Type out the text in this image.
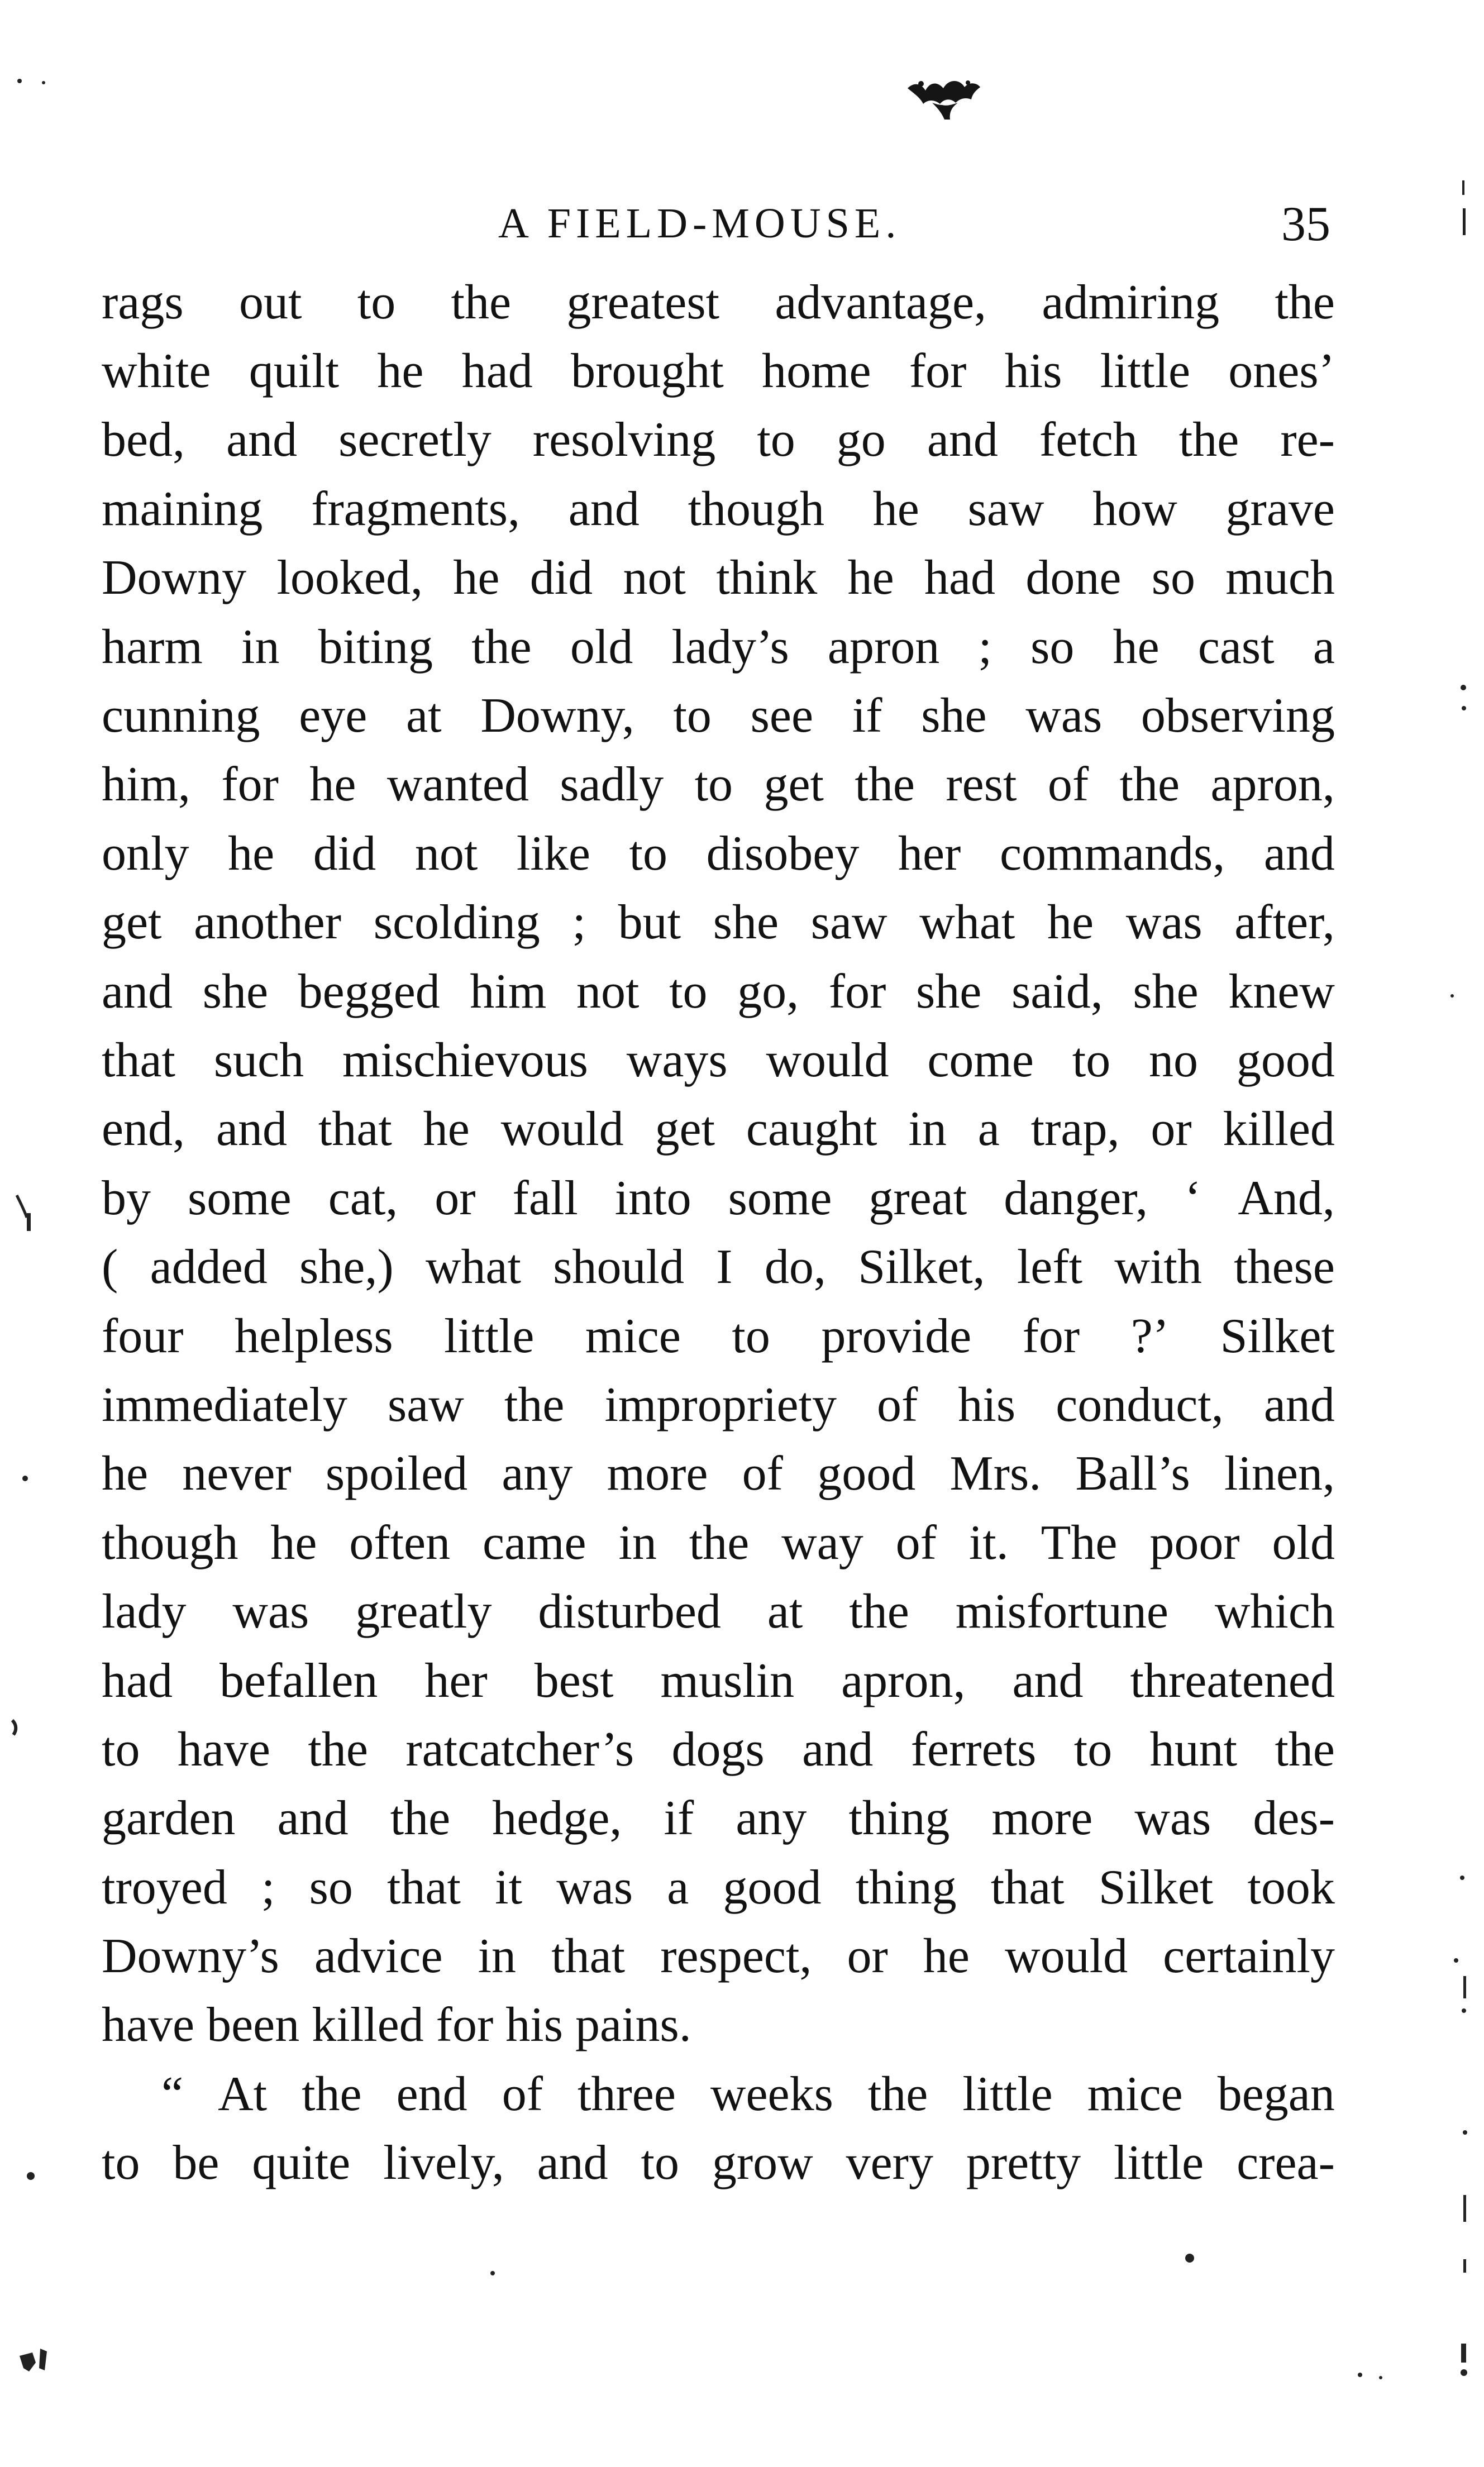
A FIELD-MOUSE.	35
rags out to the greatest advantage, admiring the
white quilt he had brought home for his little ones’
bed, and secretly resolving to go and fetch the re-
maining fragments, and though he saw how grave
Downy looked, he did not think he had done so much
harm in biting the old lady’s apron ; so he cast a
cunning eye at Downy, to see if she was observing
him, for he wanted sadly to get the rest of the apron,
only he did not like to disobey her commands, and
get another scolding ; but she saw what he was after,
and she begged him not to go, for she said, she knew
that such mischievous ways would come to no good
end, and that he would get caught in a trap, or killed
by some cat, or fall into some great danger, ‘ And,
( added she,) what should I do, Silket, left with these
four helpless little mice to provide for ?’ Silket
immediately saw the impropriety of his conduct, and
he never spoiled any more of good Mrs. Ball’s linen,
though he often came in the way of it. The poor old
lady was greatly disturbed at the misfortune which
had befallen her best muslin apron, and threatened
to have the ratcatcher’s dogs and ferrets to hunt the
garden and the hedge, if any thing more was des-
troyed ; so that it was a good thing that Silket took
Downy’s advice in that respect, or he would certainly
have been killed for his pains.
“ At the end of three weeks the little mice began
to be quite lively, and to grow very pretty little crea-
